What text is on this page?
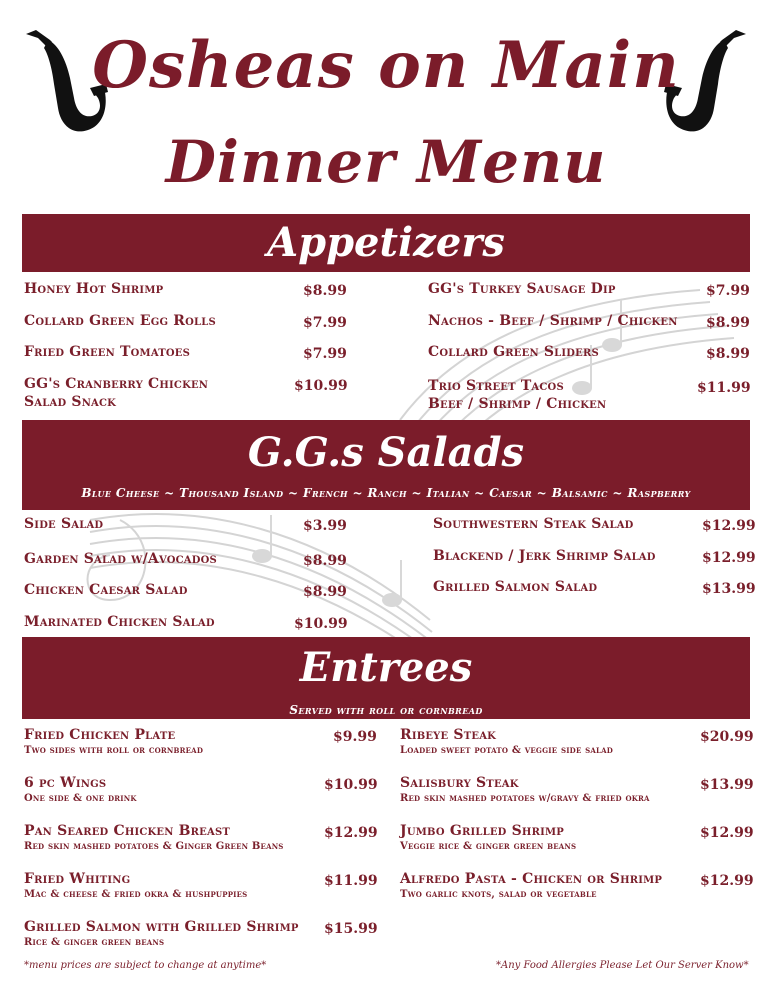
Osheas on Main
Dinner Menu
Appetizers
Honey Hot Shrimp	$8.99
Collard Green Egg Rolls	$7.99
Fried Green Tomatoes	$7.99
GG's Cranberry Chicken
Salad Snack
$10.99
GG's Turkey Sausage Dip	$7.99
Nachos - Beef / Shrimp / Chicken $8.99
Collard Green Sliders	$8.99
Trio Street Tacos
Beef / Shrimp / Chicken
$11.99
G.G.s Salads
Blue Cheese ~ Thousand Island ~ French ~ Ranch ~ Italian ~ Caesar ~ Balsamic ~ Raspberry
Side Salad	$3.99
Garden Salad w/Avocados	$8.99
Chicken Caesar Salad	$8.99
Marinated Chicken Salad	$10.99
Southwestern Steak Salad	$12.99
Blackend / Jerk Shrimp Salad	$12.99
Grilled Salmon Salad	$13.99
Entrees
Served with roll or cornbread
Fried Chicken Plate
Two sides with roll or cornbread
$9.99
6 pc Wings
One side & one drink
$10.99
Pan Seared Chicken Breast
Red skin mashed potatoes & Ginger Green Beans
$12.99
Fried Whiting
Mac & cheese & fried okra & hushpuppies
$11.99
Grilled Salmon with Grilled Shrimp
Rice & ginger green beans
$15.99
Ribeye Steak
Loaded sweet potato & veggie side salad
$20.99
Salisbury Steak
Red skin mashed potatoes w/gravy & fried okra
$13.99
Jumbo Grilled Shrimp
Veggie rice & ginger green beans
$12.99
Alfredo Pasta - Chicken or Shrimp
Two garlic knots, salad or vegetable
$12.99
*menu prices are subject to change at anytime*	*Any Food Allergies Please Let Our Server Know*
